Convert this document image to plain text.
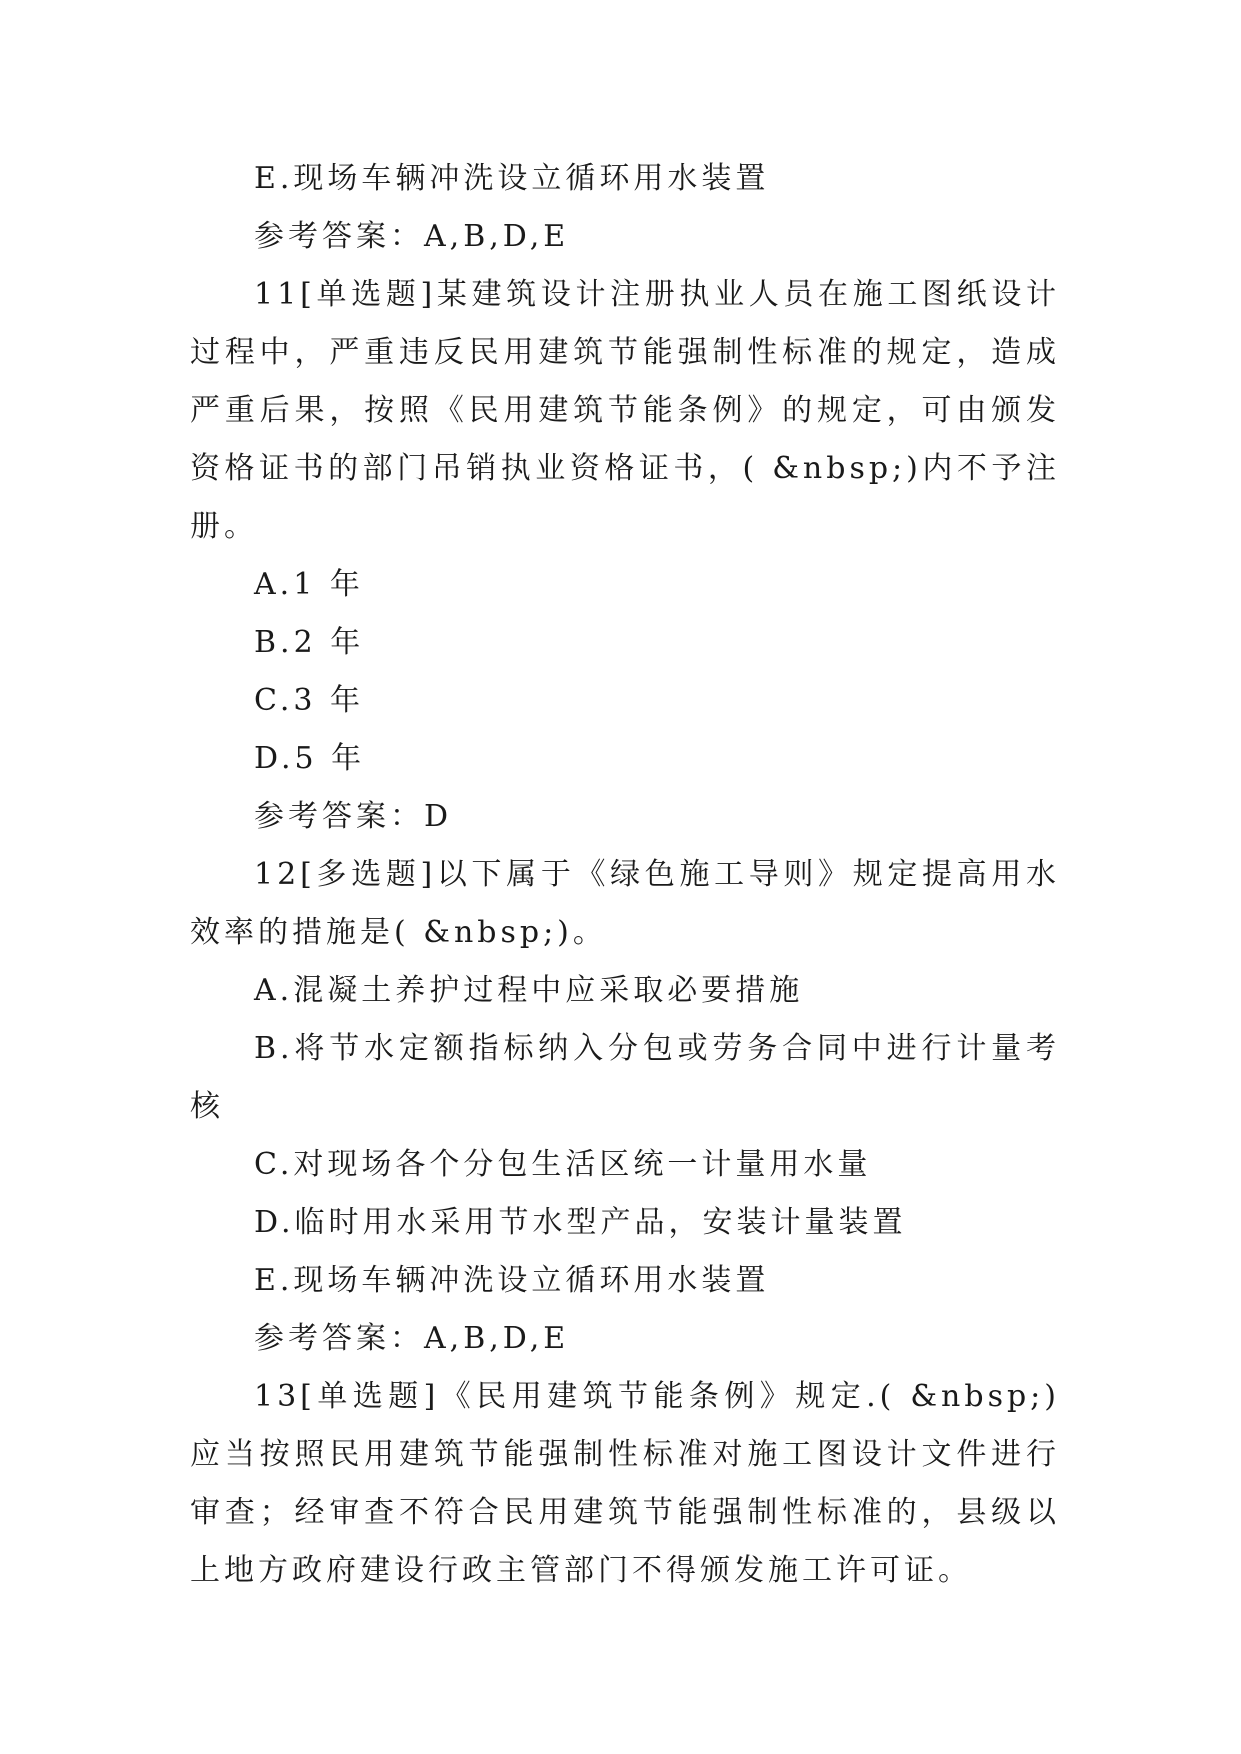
E.现场车辆冲洗设立循环用水装置

参考答案：A,B,D,E

11[单选题]某建筑设计注册执业人员在施工图纸设计过程中，严重违反民用建筑节能强制性标准的规定，造成严重后果，按照《民用建筑节能条例》的规定，可由颁发资格证书的部门吊销执业资格证书，( &nbsp;)内不予注册。

A.1 年

B.2 年

C.3 年

D.5 年

参考答案：D

12[多选题]以下属于《绿色施工导则》规定提高用水效率的措施是( &nbsp;)。

A.混凝土养护过程中应采取必要措施

B.将节水定额指标纳入分包或劳务合同中进行计量考核

C.对现场各个分包生活区统一计量用水量

D.临时用水采用节水型产品，安装计量装置

E.现场车辆冲洗设立循环用水装置

参考答案：A,B,D,E

13[单选题]《民用建筑节能条例》规定.( &nbsp;)应当按照民用建筑节能强制性标准对施工图设计文件进行审查；经审查不符合民用建筑节能强制性标准的，县级以上地方政府建设行政主管部门不得颁发施工许可证。
